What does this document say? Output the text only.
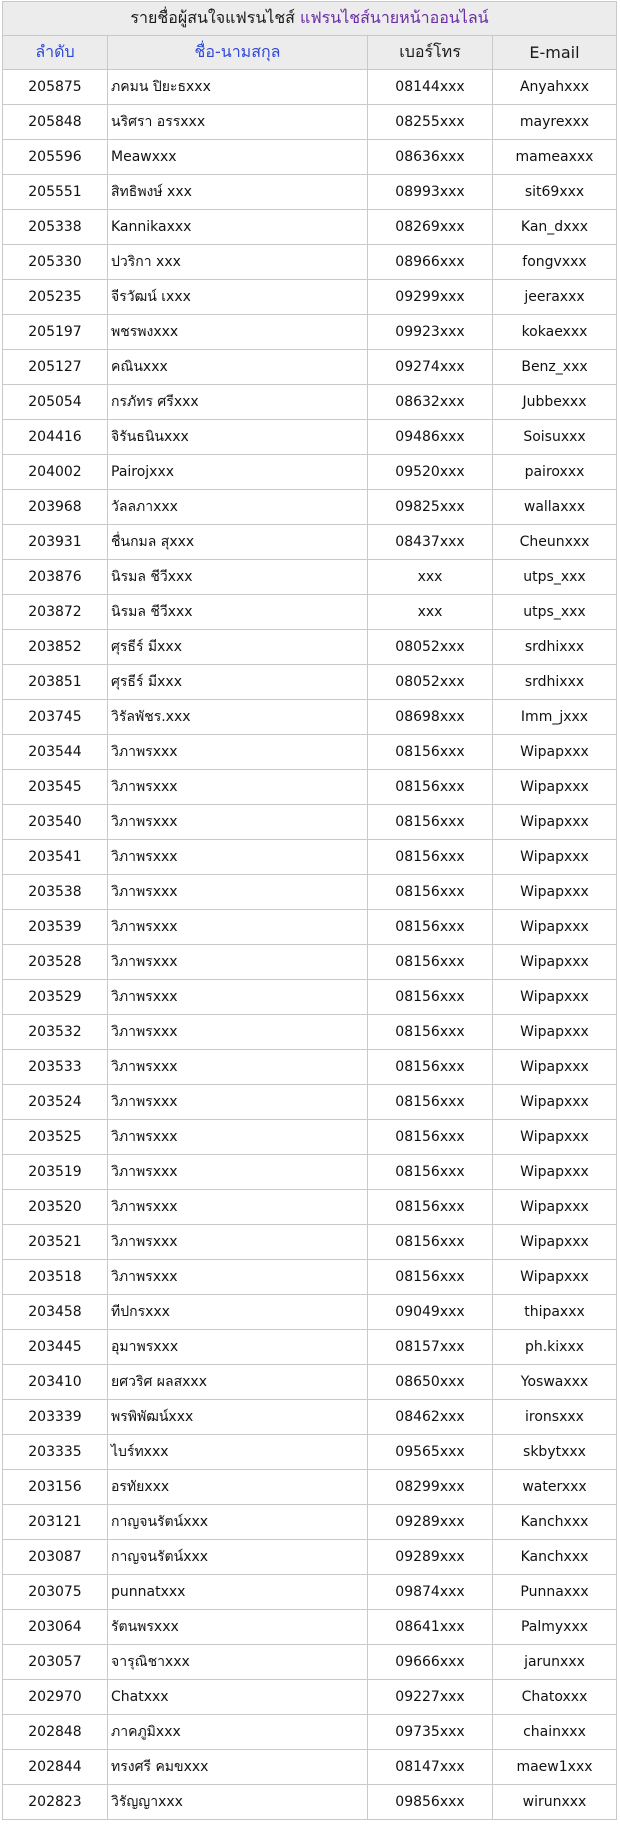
รายชื่อผู้สนใจแฟรนไชส์ แฟรนไชส์นายหน้าออนไลน์			
ลำดับ	ชื่อ-นามสกุล	เบอร์โทร	E-mail
205875	ภคมน ปิยะธxxx	08144xxx	Anyahxxx
205848	นริศรา อรรxxx	08255xxx	mayrexxx
205596	Meawxxx	08636xxx	mameaxxx
205551	สิทธิพงษ์ xxx	08993xxx	sit69xxx
205338	Kannikaxxx	08269xxx	Kan_dxxx
205330	ปวริกา xxx	08966xxx	fongvxxx
205235	จีรวัฒน์ เxxx	09299xxx	jeeraxxx
205197	พชรพงxxx	09923xxx	kokaexxx
205127	คณินxxx	09274xxx	Benz_xxx
205054	กรภัทร ศรีxxx	08632xxx	Jubbexxx
204416	จิรันธนินxxx	09486xxx	Soisuxxx
204002	Pairojxxx	09520xxx	pairoxxx
203968	วัลลภาxxx	09825xxx	wallaxxx
203931	ชื่นกมล สุxxx	08437xxx	Cheunxxx
203876	นิรมล ชีวีxxx	xxx	utps_xxx
203872	นิรมล ชีวีxxx	xxx	utps_xxx
203852	ศุรธีร์ มีxxx	08052xxx	srdhixxx
203851	ศุรธีร์ มีxxx	08052xxx	srdhixxx
203745	วิรัลพัชร.xxx	08698xxx	Imm_jxxx
203544	วิภาพรxxx	08156xxx	Wipapxxx
203545	วิภาพรxxx	08156xxx	Wipapxxx
203540	วิภาพรxxx	08156xxx	Wipapxxx
203541	วิภาพรxxx	08156xxx	Wipapxxx
203538	วิภาพรxxx	08156xxx	Wipapxxx
203539	วิภาพรxxx	08156xxx	Wipapxxx
203528	วิภาพรxxx	08156xxx	Wipapxxx
203529	วิภาพรxxx	08156xxx	Wipapxxx
203532	วิภาพรxxx	08156xxx	Wipapxxx
203533	วิภาพรxxx	08156xxx	Wipapxxx
203524	วิภาพรxxx	08156xxx	Wipapxxx
203525	วิภาพรxxx	08156xxx	Wipapxxx
203519	วิภาพรxxx	08156xxx	Wipapxxx
203520	วิภาพรxxx	08156xxx	Wipapxxx
203521	วิภาพรxxx	08156xxx	Wipapxxx
203518	วิภาพรxxx	08156xxx	Wipapxxx
203458	ทีปกรxxx	09049xxx	thipaxxx
203445	อุมาพรxxx	08157xxx	ph.kixxx
203410	ยศวริศ ผลสxxx	08650xxx	Yoswaxxx
203339	พรพิพัฒน์xxx	08462xxx	ironsxxx
203335	ไบร์ทxxx	09565xxx	skbytxxx
203156	อรทัยxxx	08299xxx	waterxxx
203121	กาญจนรัตน์xxx	09289xxx	Kanchxxx
203087	กาญจนรัตน์xxx	09289xxx	Kanchxxx
203075	punnatxxx	09874xxx	Punnaxxx
203064	รัตนพรxxx	08641xxx	Palmyxxx
203057	จารุณิชาxxx	09666xxx	jarunxxx
202970	Chatxxx	09227xxx	Chatoxxx
202848	ภาคภูมิxxx	09735xxx	chainxxx
202844	ทรงศรี คมขxxx	08147xxx	maew1xxx
202823	วิรัญญาxxx	09856xxx	wirunxxx
